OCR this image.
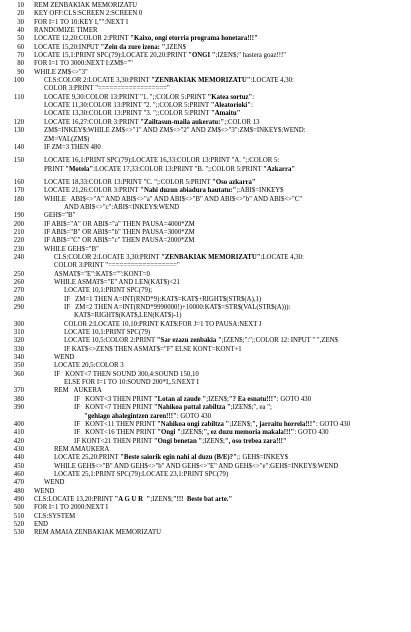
10	REM ZENBAKIAK MEMORIZATU
20	KEY OFF:CLS:SCREEN 2:SCREEN 0
30	FOR I=1 TO 10:KEY I,"":NEXT I
40	RANDOMIZE TIMER
50	LOCATE 12,20:COLOR 2:PRINT "Kaixo, ongi etorria programa honetara!!!"
60	LOCATE 15,20:INPUT "Zein da zure izena: ",IZEN$
70	LOCATE 15,1:PRINT SPC(79):LOCATE 20,20:PRINT "ONGI ";IZEN$;" hastera goaz!!!"
80	FOR I=1 TO 3000:NEXT I:ZM$=""
90	WHILE ZM$<>"3"
100	CLS:COLOR 2:LOCATE 3,30:PRINT "ZENBAKIAK MEMORIZATU":LOCATE 4,30:
COLOR 3:PRINT "=================="
110	LOCATE 9,30:COLOR 13:PRINT "1. ";:COLOR 5:PRINT "Katea sortuz":
LOCATE 11,30:COLOR 13:PRINT "2. ";:COLOR 5:PRINT "Aleatorioki":
LOCATE 13,30:COLOR 13:PRINT "3. ";:COLOR 5:PRINT "Amaitu"
120	LOCATE 16,27:COLOR 3:PRINT "Zailtasun-maila aukeratu:";:COLOR 13
130	ZM$=INKEY$:WHILE ZM$<>"1" AND ZM$<>"2" AND ZM$<>"3":ZM$=INKEY$:WEND:
ZM=VAL(ZM$)
140	IF ZM=3 THEN 480
150	LOCATE 16,1:PRINT SPC(79):LOCATE 16,33:COLOR 13:PRINT "A. ";:COLOR 5:
PRINT "Motela":LOCATE 17,33:COLOR 13:PRINT "B. ";:COLOR 5:PRINT "Azkarra"
160	LOCATE 18,33:COLOR 13:PRINT "C. ";:COLOR 5:PRINT "Oso azkarra"
170	LOCATE 21,26:COLOR 3:PRINT "Nahi duzun abiadura hautatu:";:ABI$=INKEY$
180	WHILE   ABI$<>"A" AND ABI$<>"a" AND ABI$<>"B" AND ABI$<>"b" AND ABI$<>"C"
AND ABI$<>"c":ABI$=INKEY$:WEND
190	GEH$="B"
200	IF ABI$="A" OR ABI$="a" THEN PAUSA=4000*ZM
210	IF ABI$="B" OR ABI$="b" THEN PAUSA=3000*ZM
220	IF ABI$="C" OR ABI$="c" THEN PAUSA=2000*ZM
230	WHILE GEH$="B"
240	CLS:COLOR 2:LOCATE 3,30:PRINT "ZENBAKIAK MEMORIZATU":LOCATE 4,30:
COLOR 3:PRINT "=================="
250	ASMAT$="E":KAT$="":KONT=0
260	WHILE ASMAT$="E" AND LEN(KAT$)<21
270	LOCATE 10,1:PRINT SPC(79);
280	IF   ZM=1 THEN A=INT(RND*9):KAT$=KAT$+RIGHT$(STR$(A),1)
290	IF   ZM=2 THEN A=INT(RND*9990000!)+10000:KAT$=STR$(VAL(STR$(A))):
KAT$=RIGHT$(KAT$,LEN(KAT$)-1)
300	COLOR 2:LOCATE 10,10:PRINT KAT$:FOR J=1 TO PAUSA:NEXT J
310	LOCATE 10,1:PRINT SPC(79)
320	LOCATE 10,5:COLOR 2:PRINT "Sar ezazu zenbakia ";IZEN$;":";:COLOR 12: INPUT " ",ZEN$
330	IF KAT$<>ZEN$ THEN ASMAT$="F" ELSE KONT=KONT+1
340	WEND
350	LOCATE 20,5:COLOR 3
360	IF   KONT<7 THEN SOUND 300,4:SOUND 150,10
ELSE FOR I=1 TO 10:SOUND 200*I,.5:NEXT I
370	REM   AUKERA
380	IF   KONT<3 THEN PRINT "Lotan al zaude ";IZEN$;"? Ea esnatu!!!": GOTO 430
390	IF   KONT<7 THEN PRINT "Nahikoa pattal zabiltza ";IZEN$;", ea ";
"gehiago ahalegintzen zaren!!!": GOTO 430
400	IF   KONT<11 THEN PRINT "Nahikoa ongi zabiltza ";IZEN$;", jarraitu horrela!!!": GOTO 430
410	IF   KONT<16 THEN PRINT "Ongi ";IZEN$;", ez duzu memoria makala!!!": GOTO 430
420	IF KONT<21 THEN PRINT "Ongi benetan ";IZEN$;", oso trebea zara!!!"
430	REM AMAUKERA
440	LOCATE 25,20:PRINT "Beste saiorik egin nahi al duzu (B/E)?";: GEH$=INKEY$
450	WHILE GEH$<>"B" AND GEH$<>"b" AND GEH$<>"E" AND GEH$<>"e":GEH$=INKEY$:WEND
460	LOCATE 25,1:PRINT SPC(79):LOCATE 23,1:PRINT SPC(79)
470	WEND
480	WEND
490	CLS:LOCATE 13,20:PRINT "A G U R  ";IZEN$;"!!!  Beste bat arte."
500	FOR I=1 TO 2000:NEXT I
510	CLS:SYSTEM
520	END
530	REM AMAIA ZENBAKIAK MEMORIZATU
